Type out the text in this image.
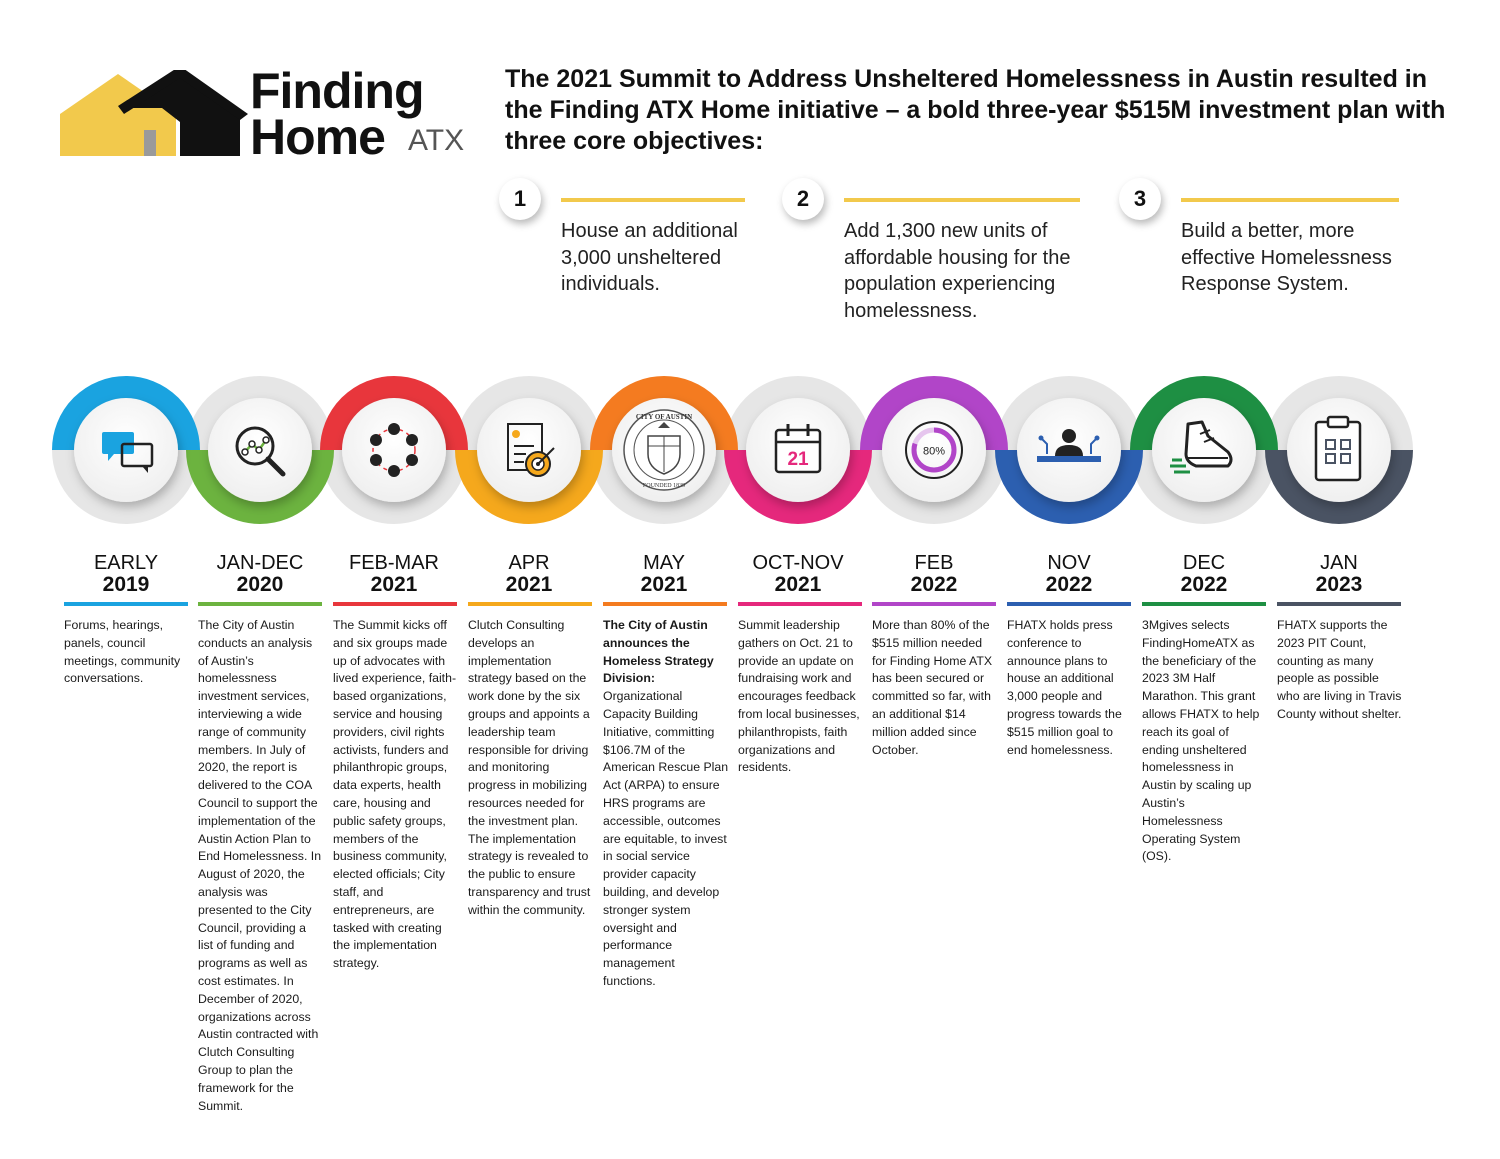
Finding
Home ATX
The 2021 Summit to Address Unsheltered Homelessness in Austin resulted in the Finding ATX Home initiative – a bold three-year $515M investment plan with three core objectives:
1
House an additional 3,000 unsheltered individuals.
2
Add 1,300 new units of affordable housing for the population experiencing homelessness.
3
Build a better, more effective Homelessness Response System.
CITY OF AUSTIN
FOUNDED 1839
21	80%
EARLY
2019
Forums, hearings, panels, council meetings, community conversations.
JAN-DEC
2020
The City of Austin conducts an analysis of Austin’s homelessness investment services, interviewing a wide range of community members. In July of 2020, the report is delivered to the COA Council to support the implementation of the Austin Action Plan to End Homelessness. In August of 2020, the analysis was presented to the City Council, providing a list of funding and programs as well as cost estimates. In December of 2020, organizations across Austin contracted with Clutch Consulting Group to plan the framework for the Summit.
FEB-MAR
2021
The Summit kicks off and six groups made up of advocates with lived experience, faith-based organizations, service and housing providers, civil rights activists, funders and philanthropic groups, data experts, health care, housing and public safety groups, members of the business community, elected officials; City staff, and entrepreneurs, are tasked with creating the implementation strategy.
APR
2021
Clutch Consulting develops an implementation strategy based on the work done by the six groups and appoints a leadership team responsible for driving and monitoring progress in mobilizing resources needed for the investment plan. The implementation strategy is revealed to the public to ensure transparency and trust within the community.
MAY
2021
The City of Austin announces the Homeless Strategy Division: Organizational Capacity Building Initiative, committing $106.7M of the American Rescue Plan Act (ARPA) to ensure HRS programs are accessible, outcomes are equitable, to invest in social service provider capacity building, and develop stronger system oversight and performance management functions.
OCT-NOV
2021
Summit leadership gathers on Oct. 21 to provide an update on fundraising work and encourages feedback from local businesses, philanthropists, faith organizations and residents.
FEB
2022
More than 80% of the $515 million needed for Finding Home ATX has been secured or committed so far, with an additional $14 million added since October.
NOV
2022
FHATX holds press conference to announce plans to house an additional 3,000 people and progress towards the $515 million goal to end homelessness.
DEC
2022
3Mgives selects FindingHomeATX as the beneficiary of the 2023 3M Half Marathon. This grant allows FHATX to help reach its goal of ending unsheltered homelessness in Austin by scaling up Austin’s Homelessness Operating System (OS).
JAN
2023
FHATX supports the 2023 PIT Count, counting as many people as possible who are living in Travis County without shelter.
